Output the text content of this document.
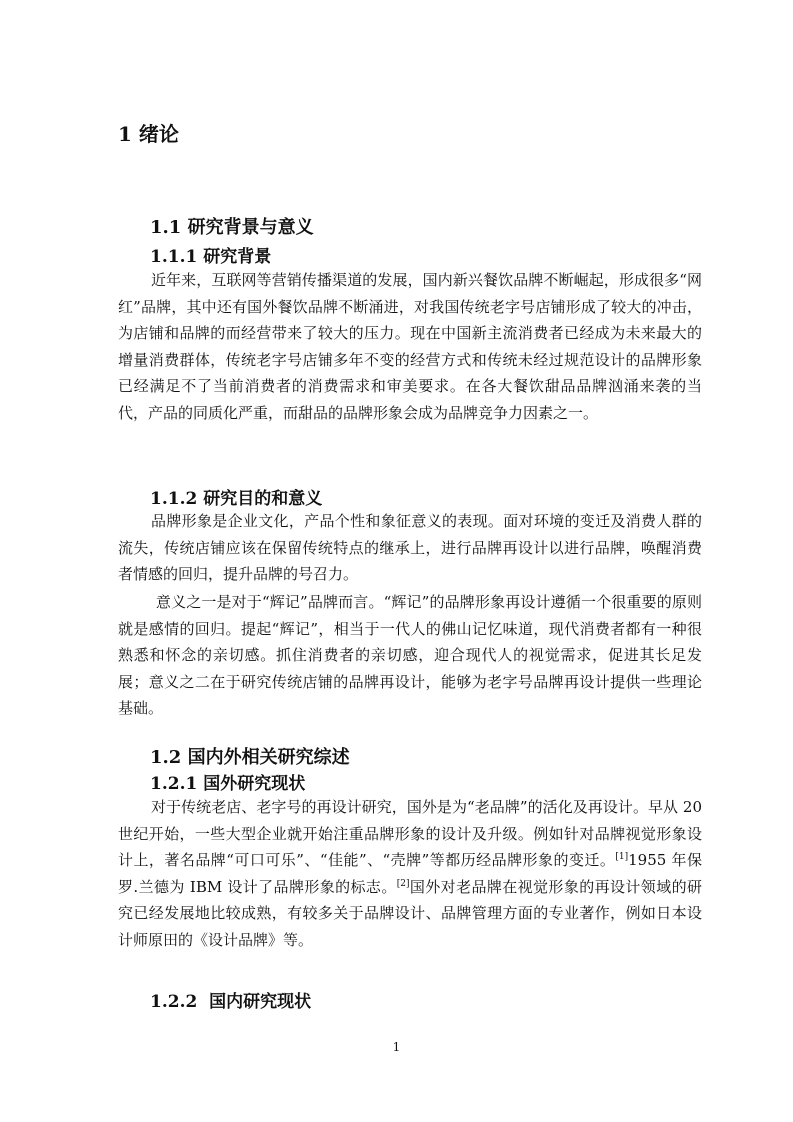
1 绪论
1.1 研究背景与意义
1.1.1 研究背景

近年来，互联网等营销传播渠道的发展，国内新兴餐饮品牌不断崛起，形成很多“网红”品牌，其中还有国外餐饮品牌不断涌进，对我国传统老字号店铺形成了较大的冲击，为店铺和品牌的而经营带来了较大的压力。现在中国新主流消费者已经成为未来最大的增量消费群体，传统老字号店铺多年不变的经营方式和传统未经过规范设计的品牌形象已经满足不了当前消费者的消费需求和审美要求。在各大餐饮甜品品牌汹涌来袭的当代，产品的同质化严重，而甜品的品牌形象会成为品牌竞争力因素之一。

1.1.2 研究目的和意义

品牌形象是企业文化，产品个性和象征意义的表现。面对环境的变迁及消费人群的流失，传统店铺应该在保留传统特点的继承上，进行品牌再设计以进行品牌，唤醒消费者情感的回归，提升品牌的号召力。

意义之一是对于“辉记”品牌而言。“辉记”的品牌形象再设计遵循一个很重要的原则就是感情的回归。提起“辉记”，相当于一代人的佛山记忆味道，现代消费者都有一种很熟悉和怀念的亲切感。抓住消费者的亲切感，迎合现代人的视觉需求，促进其长足发展；意义之二在于研究传统店铺的品牌再设计，能够为老字号品牌再设计提供一些理论基础。

1.2 国内外相关研究综述
1.2.1 国外研究现状

对于传统老店、老字号的再设计研究，国外是为“老品牌”的活化及再设计。早从 20 世纪开始，一些大型企业就开始注重品牌形象的设计及升级。例如针对品牌视觉形象设计上，著名品牌“可口可乐”、“佳能”、“壳牌”等都历经品牌形象的变迁。[1]1955 年保罗.兰德为 IBM 设计了品牌形象的标志。[2]国外对老品牌在视觉形象的再设计领域的研究已经发展地比较成熟，有较多关于品牌设计、品牌管理方面的专业著作，例如日本设计师原田的《设计品牌》等。

1.2.2  国内研究现状
1
